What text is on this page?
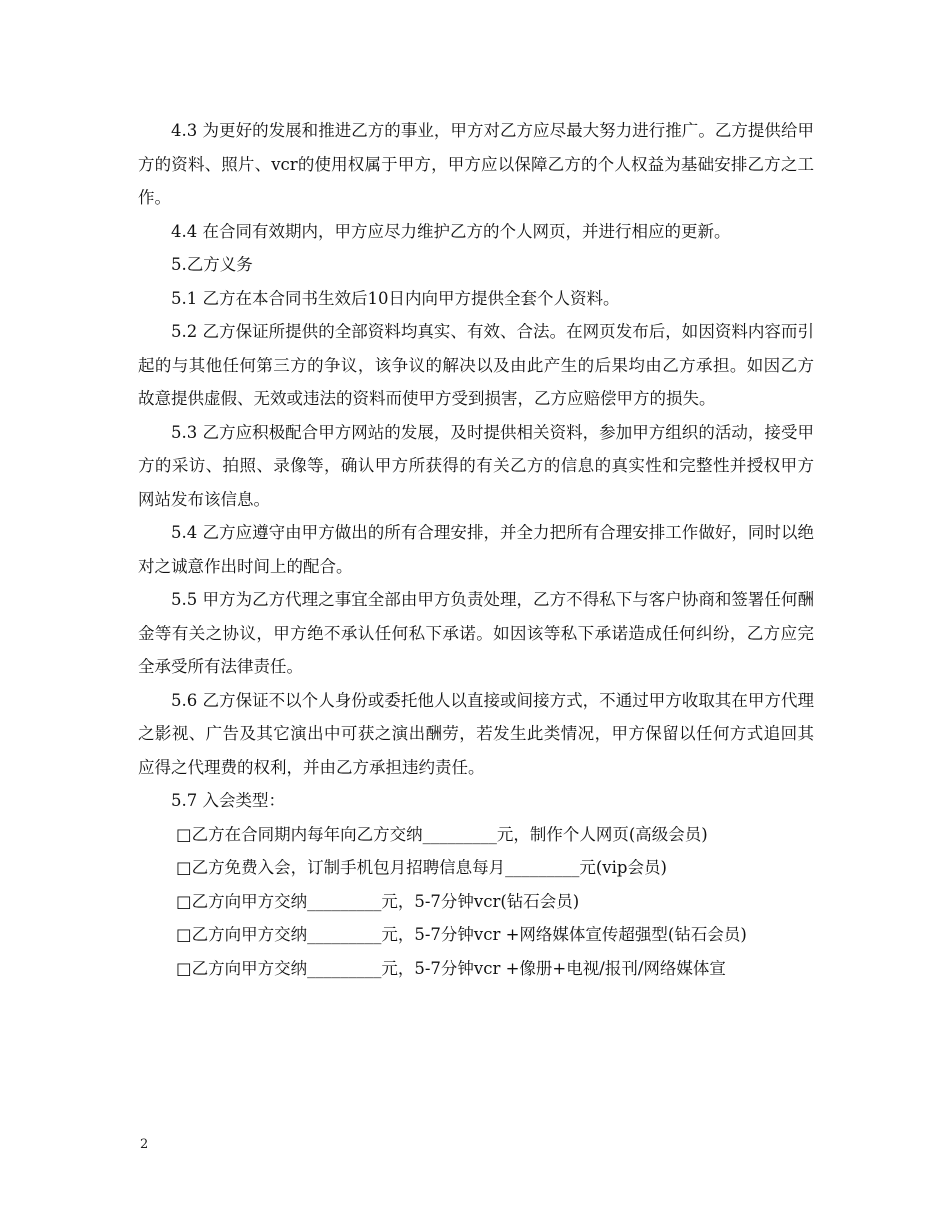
4.3 为更好的发展和推进乙方的事业，甲方对乙方应尽最大努力进行推广。乙方提供给甲方的资料、照片、vcr的使用权属于甲方，甲方应以保障乙方的个人权益为基础安排乙方之工作。

4.4 在合同有效期内，甲方应尽力维护乙方的个人网页，并进行相应的更新。

5.乙方义务

5.1 乙方在本合同书生效后10日内向甲方提供全套个人资料。

5.2 乙方保证所提供的全部资料均真实、有效、合法。在网页发布后，如因资料内容而引起的与其他任何第三方的争议，该争议的解决以及由此产生的后果均由乙方承担。如因乙方故意提供虚假、无效或违法的资料而使甲方受到损害，乙方应赔偿甲方的损失。

5.3 乙方应积极配合甲方网站的发展，及时提供相关资料，参加甲方组织的活动，接受甲方的采访、拍照、录像等，确认甲方所获得的有关乙方的信息的真实性和完整性并授权甲方网站发布该信息。

5.4 乙方应遵守由甲方做出的所有合理安排，并全力把所有合理安排工作做好，同时以绝对之诚意作出时间上的配合。

5.5 甲方为乙方代理之事宜全部由甲方负责处理，乙方不得私下与客户协商和签署任何酬金等有关之协议，甲方绝不承认任何私下承诺。如因该等私下承诺造成任何纠纷，乙方应完全承受所有法律责任。

5.6 乙方保证不以个人身份或委托他人以直接或间接方式，不通过甲方收取其在甲方代理之影视、广告及其它演出中可获之演出酬劳，若发生此类情况，甲方保留以任何方式追回其应得之代理费的权利，并由乙方承担违约责任。

5.7 入会类型：

□乙方在合同期内每年向乙方交纳_________元，制作个人网页(高级会员)

□乙方免费入会，订制手机包月招聘信息每月_________元(vip会员)

□乙方向甲方交纳_________元，5-7分钟vcr(钻石会员)

□乙方向甲方交纳_________元，5-7分钟vcr +网络媒体宣传超强型(钻石会员)

□乙方向甲方交纳_________元，5-7分钟vcr +像册+电视/报刊/网络媒体宣

2
